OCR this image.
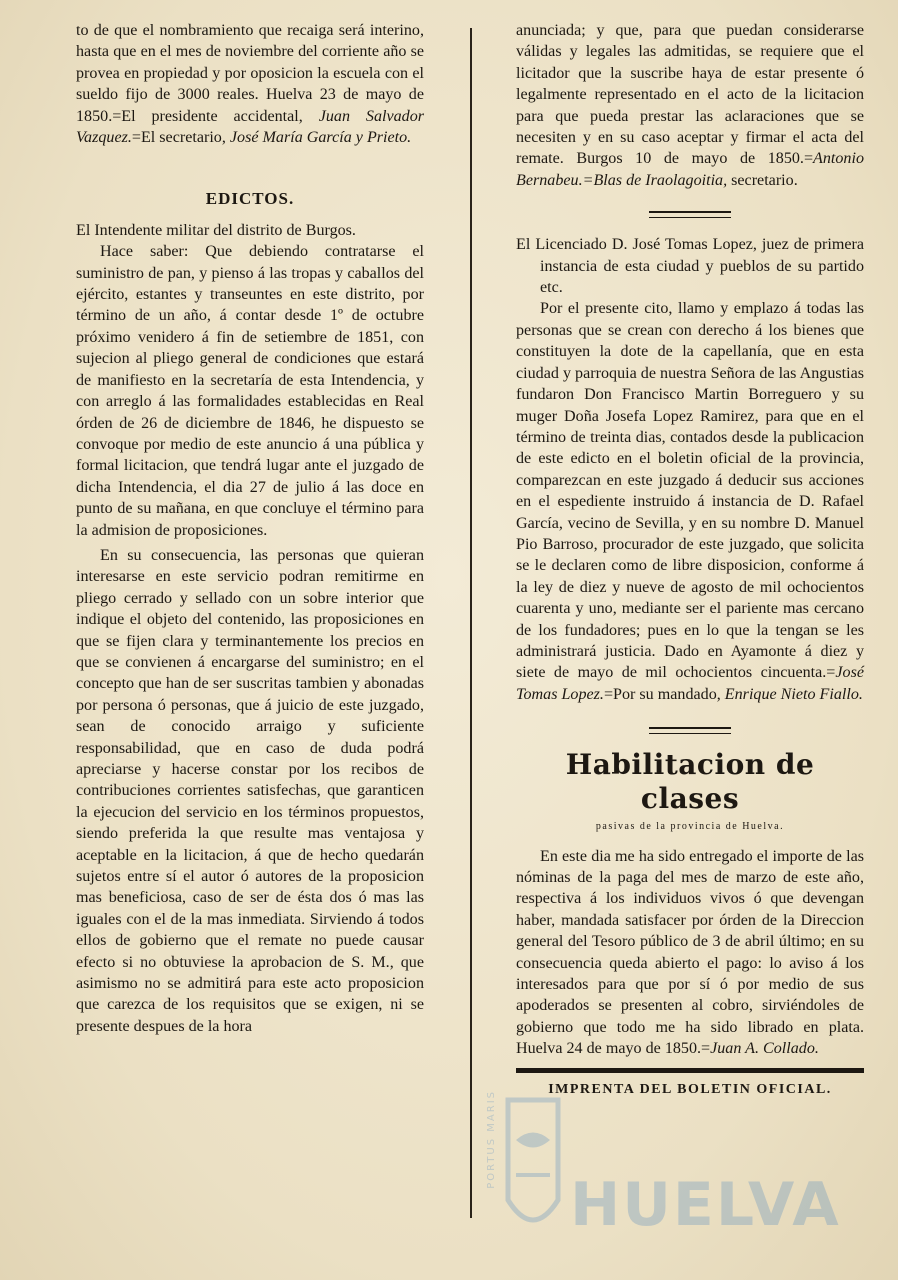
to de que el nombramiento que recaiga será interino, hasta que en el mes de noviembre del corriente año se provea en propiedad y por oposicion la escuela con el sueldo fijo de 3000 reales. Huelva 23 de mayo de 1850.=El presidente accidental, Juan Salvador Vazquez.=El secretario, José María García y Prieto.

EDICTOS.

El Intendente militar del distrito de Burgos.

Hace saber: Que debiendo contratarse el suministro de pan, y pienso á las tropas y caballos del ejército, estantes y transeuntes en este distrito, por término de un año, á contar desde 1º de octubre próximo venidero á fin de setiembre de 1851, con sujecion al pliego general de condiciones que estará de manifiesto en la secretaría de esta Intendencia, y con arreglo á las formalidades establecidas en Real órden de 26 de diciembre de 1846, he dispuesto se convoque por medio de este anuncio á una pública y formal licitacion, que tendrá lugar ante el juzgado de dicha Intendencia, el dia 27 de julio á las doce en punto de su mañana, en que concluye el término para la admision de proposiciones.

En su consecuencia, las personas que quieran interesarse en este servicio podran remitirme en pliego cerrado y sellado con un sobre interior que indique el objeto del contenido, las proposiciones en que se fijen clara y terminantemente los precios en que se convienen á encargarse del suministro; en el concepto que han de ser suscritas tambien y abonadas por persona ó personas, que á juicio de este juzgado, sean de conocido arraigo y suficiente responsabilidad, que en caso de duda podrá apreciarse y hacerse constar por los recibos de contribuciones corrientes satisfechas, que garanticen la ejecucion del servicio en los términos propuestos, siendo preferida la que resulte mas ventajosa y aceptable en la licitacion, á que de hecho quedarán sujetos entre sí el autor ó autores de la proposicion mas beneficiosa, caso de ser de ésta dos ó mas las iguales con el de la mas inmediata. Sirviendo á todos ellos de gobierno que el remate no puede causar efecto si no obtuviese la aprobacion de S. M., que asimismo no se admitirá para este acto proposicion que carezca de los requisitos que se exigen, ni se presente despues de la hora

anunciada; y que, para que puedan considerarse válidas y legales las admitidas, se requiere que el licitador que la suscribe haya de estar presente ó legalmente representado en el acto de la licitacion para que pueda prestar las aclaraciones que se necesiten y en su caso aceptar y firmar el acta del remate. Burgos 10 de mayo de 1850.=Antonio Bernabeu.=Blas de Iraolagoitia, secretario.

El Licenciado D. José Tomas Lopez, juez de primera instancia de esta ciudad y pueblos de su partido etc.

Por el presente cito, llamo y emplazo á todas las personas que se crean con derecho á los bienes que constituyen la dote de la capellanía, que en esta ciudad y parroquia de nuestra Señora de las Angustias fundaron Don Francisco Martin Borreguero y su muger Doña Josefa Lopez Ramirez, para que en el término de treinta dias, contados desde la publicacion de este edicto en el boletin oficial de la provincia, comparezcan en este juzgado á deducir sus acciones en el espediente instruido á instancia de D. Rafael García, vecino de Sevilla, y en su nombre D. Manuel Pio Barroso, procurador de este juzgado, que solicita se le declaren como de libre disposicion, conforme á la ley de diez y nueve de agosto de mil ochocientos cuarenta y uno, mediante ser el pariente mas cercano de los fundadores; pues en lo que la tengan se les administrará justicia. Dado en Ayamonte á diez y siete de mayo de mil ochocientos cincuenta.=José Tomas Lopez.=Por su mandado, Enrique Nieto Fiallo.

Habilitacion de clases

pasivas de la provincia de Huelva.

En este dia me ha sido entregado el importe de las nóminas de la paga del mes de marzo de este año, respectiva á los individuos vivos ó que devengan haber, mandada satisfacer por órden de la Direccion general del Tesoro público de 3 de abril último; en su consecuencia queda abierto el pago: lo aviso á los interesados para que por sí ó por medio de sus apoderados se presenten al cobro, sirviéndoles de gobierno que todo me ha sido librado en plata. Huelva 24 de mayo de 1850.=Juan A. Collado.

IMPRENTA DEL BOLETIN OFICIAL.

HUELVA
PORTUS MARIS
